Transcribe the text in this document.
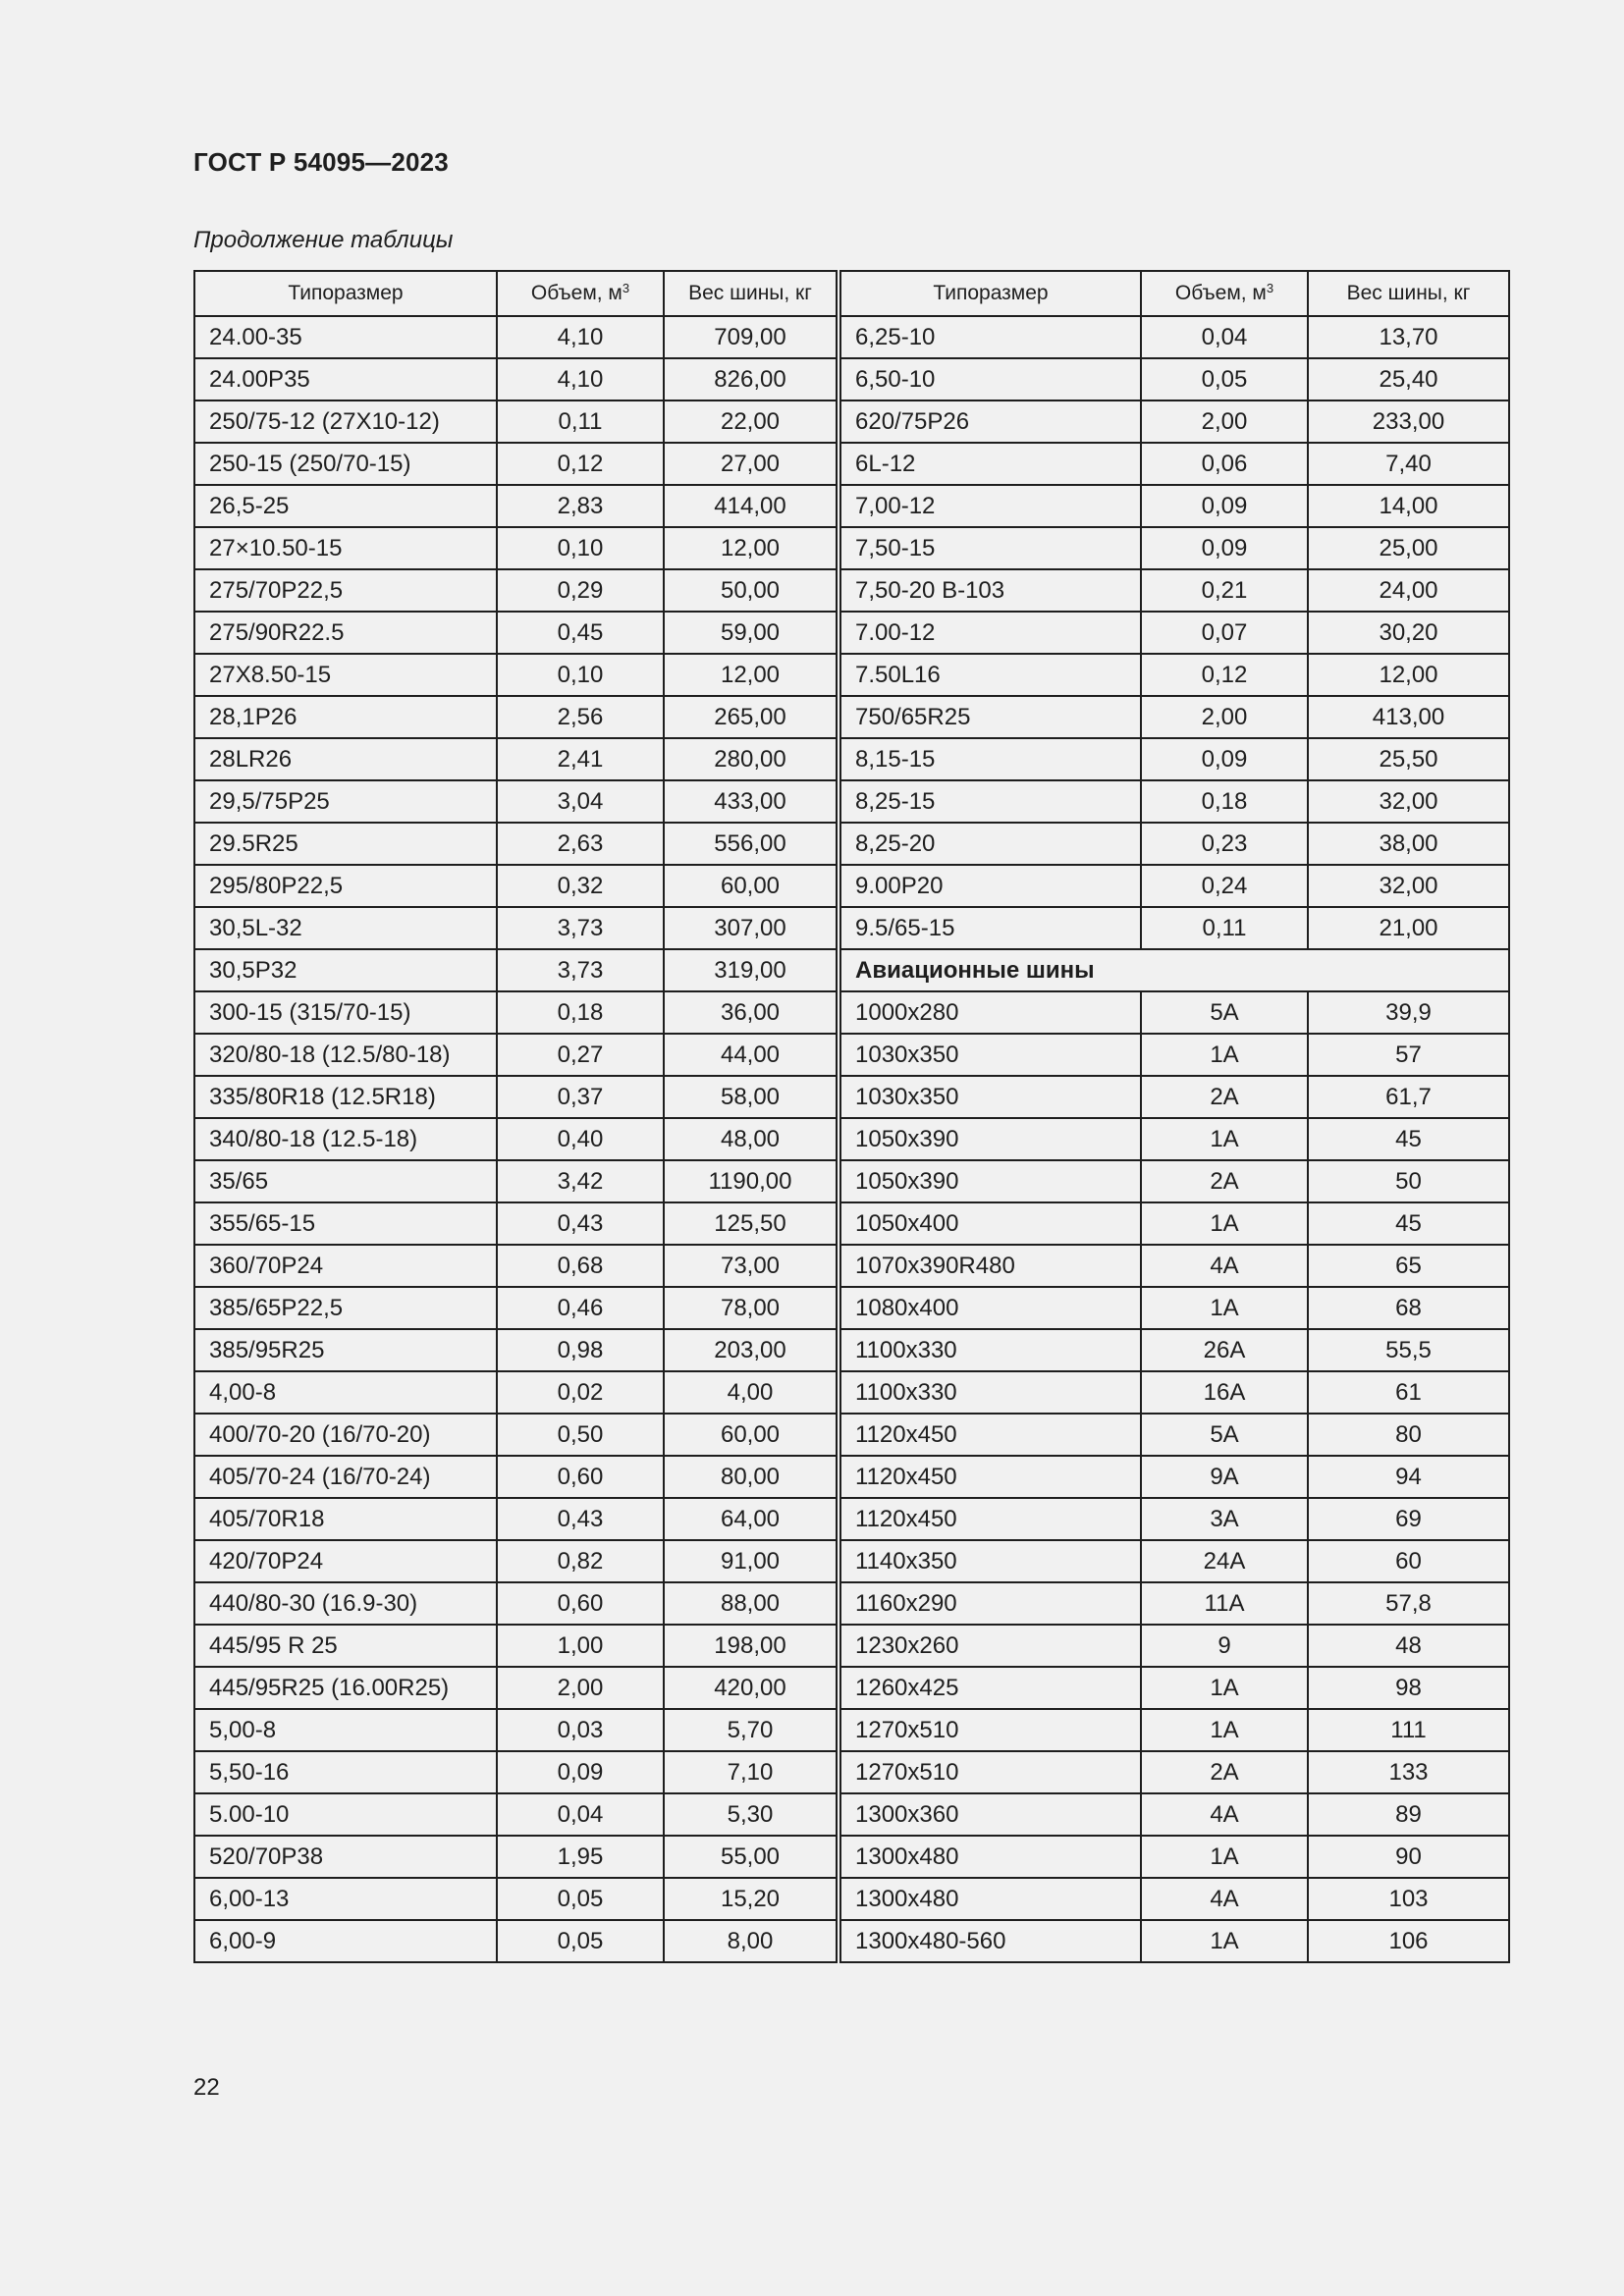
ГОСТ Р 54095—2023
Продолжение таблицы
Типоразмер	Объем, $м^3$	Вес шины, кг	Типоразмер	Объем, $м^3$	Вес шины, кг
24.00-35	4,10	709,00	6,25-10	0,04	13,70
24.00Р35	4,10	826,00	6,50-10	0,05	25,40
250/75-12 (27X10-12)	0,11	22,00	620/75Р26	2,00	233,00
250-15 (250/70-15)	0,12	27,00	6L-12	0,06	7,40
26,5-25	2,83	414,00	7,00-12	0,09	14,00
27×10.50-15	0,10	12,00	7,50-15	0,09	25,00
275/70Р22,5	0,29	50,00	7,50-20 В-103	0,21	24,00
275/90R22.5	0,45	59,00	7.00-12	0,07	30,20
27X8.50-15	0,10	12,00	7.50L16	0,12	12,00
28,1Р26	2,56	265,00	750/65R25	2,00	413,00
28LR26	2,41	280,00	8,15-15	0,09	25,50
29,5/75Р25	3,04	433,00	8,25-15	0,18	32,00
29.5R25	2,63	556,00	8,25-20	0,23	38,00
295/80Р22,5	0,32	60,00	9.00Р20	0,24	32,00
30,5L-32	3,73	307,00	9.5/65-15	0,11	21,00
30,5Р32	3,73	319,00	Авиационные шины		
300-15 (315/70-15)	0,18	36,00	1000х280	5А	39,9
320/80-18 (12.5/80-18)	0,27	44,00	1030х350	1А	57
335/80R18 (12.5R18)	0,37	58,00	1030х350	2А	61,7
340/80-18 (12.5-18)	0,40	48,00	1050х390	1А	45
35/65	3,42	1190,00	1050х390	2А	50
355/65-15	0,43	125,50	1050х400	1А	45
360/70Р24	0,68	73,00	1070х390R480	4А	65
385/65Р22,5	0,46	78,00	1080х400	1А	68
385/95R25	0,98	203,00	1100х330	26А	55,5
4,00-8	0,02	4,00	1100х330	16А	61
400/70-20 (16/70-20)	0,50	60,00	1120х450	5А	80
405/70-24 (16/70-24)	0,60	80,00	1120х450	9А	94
405/70R18	0,43	64,00	1120х450	3А	69
420/70Р24	0,82	91,00	1140х350	24А	60
440/80-30 (16.9-30)	0,60	88,00	1160х290	11А	57,8
445/95 R 25	1,00	198,00	1230х260	9	48
445/95R25 (16.00R25)	2,00	420,00	1260х425	1А	98
5,00-8	0,03	5,70	1270х510	1А	111
5,50-16	0,09	7,10	1270х510	2А	133
5.00-10	0,04	5,30	1300х360	4А	89
520/70Р38	1,95	55,00	1300х480	1А	90
6,00-13	0,05	15,20	1300х480	4А	103
6,00-9	0,05	8,00	1300х480-560	1А	106
22
